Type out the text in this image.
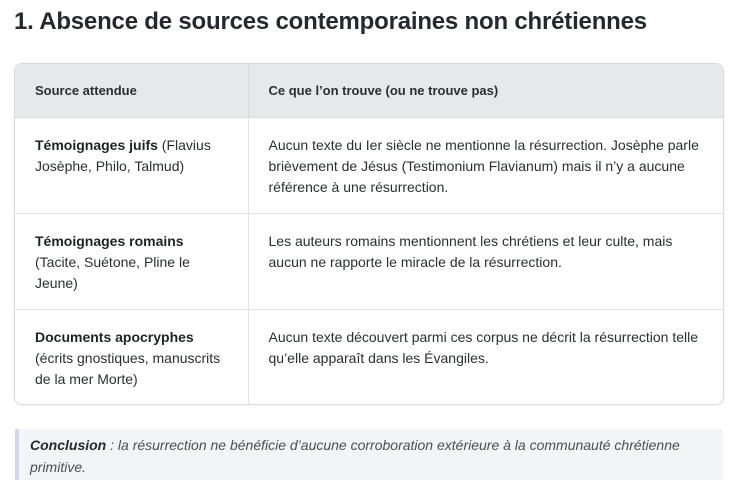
1. Absence de sources contemporaines non chrétiennes
Source attendue	Ce que l’on trouve (ou ne trouve pas)
Témoignages juifs (Flavius Josèphe, Philo, Talmud)	Aucun texte du Ier siècle ne mentionne la résurrection. Josèphe parle brièvement de Jésus (Testimonium Flavianum) mais il n’y a aucune référence à une résurrection.
Témoignages romains (Tacite, Suétone, Pline le Jeune)	Les auteurs romains mentionnent les chrétiens et leur culte, mais aucun ne rapporte le miracle de la résurrection.
Documents apocryphes (écrits gnostiques, manuscrits de la mer Morte)	Aucun texte découvert parmi ces corpus ne décrit la résurrection telle qu’elle apparaît dans les Évangiles.
Conclusion : la résurrection ne bénéficie d’aucune corroboration extérieure à la communauté chrétienne primitive.
